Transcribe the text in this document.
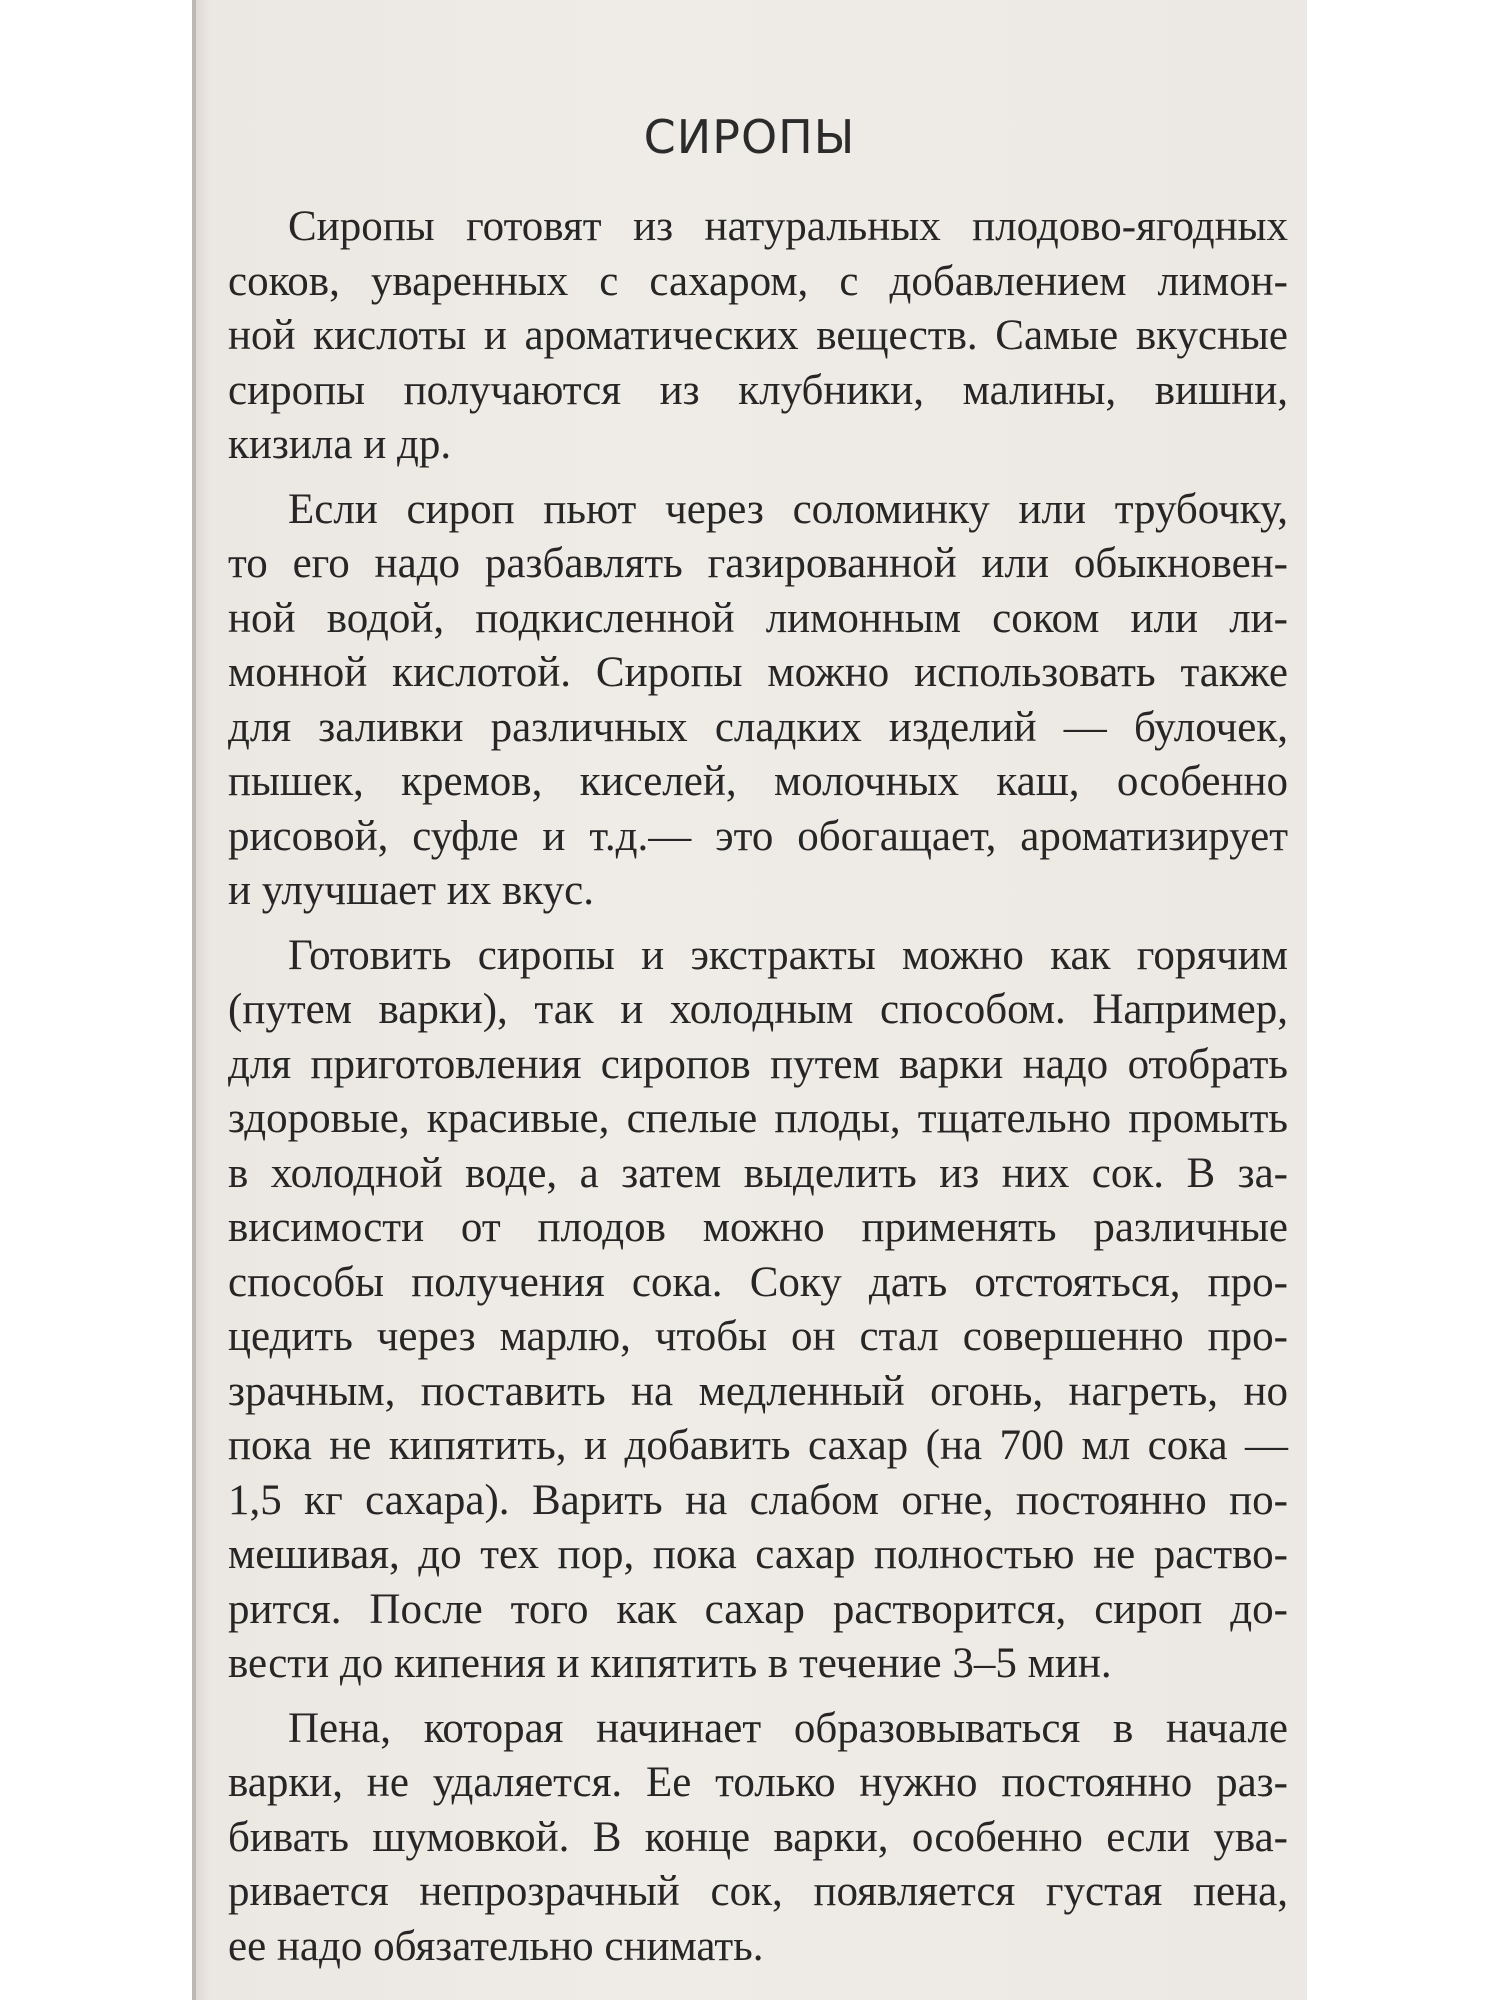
СИРОПЫ
Сиропы готовят из натуральных плодово-ягодных
соков, уваренных с сахаром, с добавлением лимон-
ной кислоты и ароматических веществ. Самые вкусные
сиропы получаются из клубники, малины, вишни,
кизила и др.
Если сироп пьют через соломинку или трубочку,
то его надо разбавлять газированной или обыкновен-
ной водой, подкисленной лимонным соком или ли-
монной кислотой. Сиропы можно использовать также
для заливки различных сладких изделий — булочек,
пышек, кремов, киселей, молочных каш, особенно
рисовой, суфле и т.д.— это обогащает, ароматизирует
и улучшает их вкус.
Готовить сиропы и экстракты можно как горячим
(путем варки), так и холодным способом. Например,
для приготовления сиропов путем варки надо отобрать
здоровые, красивые, спелые плоды, тщательно промыть
в холодной воде, а затем выделить из них сок. В за-
висимости от плодов можно применять различные
способы получения сока. Соку дать отстояться, про-
цедить через марлю, чтобы он стал совершенно про-
зрачным, поставить на медленный огонь, нагреть, но
пока не кипятить, и добавить сахар (на 700 мл сока —
1,5 кг сахара). Варить на слабом огне, постоянно по-
мешивая, до тех пор, пока сахар полностью не раство-
рится. После того как сахар растворится, сироп до-
вести до кипения и кипятить в течение 3–5 мин.
Пена, которая начинает образовываться в начале
варки, не удаляется. Ее только нужно постоянно раз-
бивать шумовкой. В конце варки, особенно если ува-
ривается непрозрачный сок, появляется густая пена,
ее надо обязательно снимать.
